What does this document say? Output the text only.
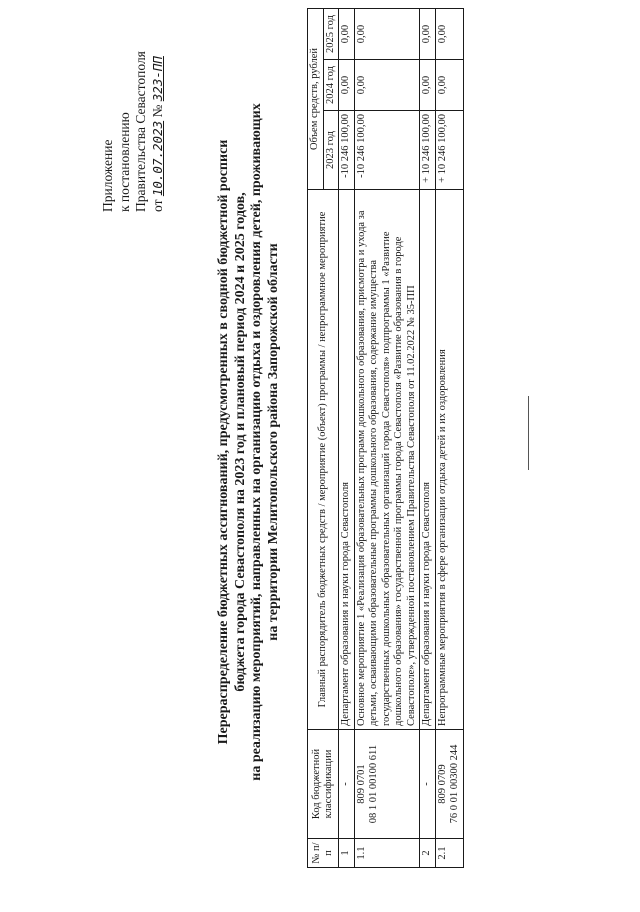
Приложение к постановлению Правительства Севастополя от 10.07.2023 № 323-ПП
Перераспределение бюджетных ассигнований, предусмотренных в сводной бюджетной росписи бюджета города Севастополя на 2023 год и плановый период 2024 и 2025 годов, на реализацию мероприятий, направленных на организацию отдыха и оздоровления детей, проживающих на территории Мелитопольского района Запорожской области
№ п/п	Код бюджетной классификации	Главный распорядитель бюджетных средств / мероприятие (объект) программы / непрограммное мероприятие	Объем средств, рублей		
			2023 год	2024 год	2025 год
1	-	Департамент образования и науки города Севастополя	-10 246 100,00	0,00	0,00
1.1	809 0701 08 1 01 00100 611	Основное мероприятие 1 «Реализация образовательных программ дошкольного образования, присмотра и ухода за детьми, осваивающими образовательные программы дошкольного образования, содержание имущества государственных дошкольных образовательных организаций города Севастополя» подпрограммы 1 «Развитие дошкольного образования» государственной программы города Севастополя «Развитие образования в городе Севастополе», утвержденной постановлением Правительства Севастополя от 11.02.2022 № 35-ПП	-10 246 100,00	0,00	0,00
2	-	Департамент образования и науки города Севастополя	+ 10 246 100,00	0,00	0,00
2.1	809 0709 76 0 01 00300 244	Непрограммные мероприятия в сфере организации отдыха детей и их оздоровления	+ 10 246 100,00	0,00	0,00
